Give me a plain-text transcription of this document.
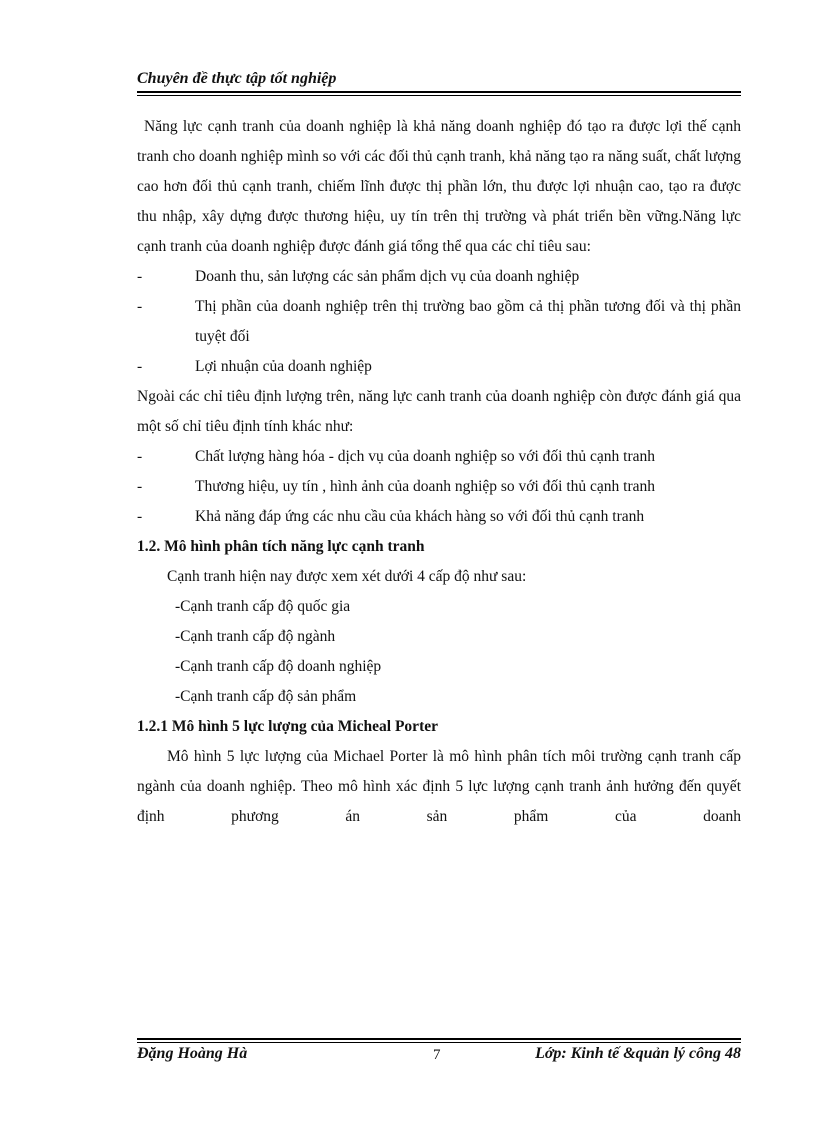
Chuyên đề thực tập tốt nghiệp

Năng lực cạnh tranh của doanh nghiệp là khả năng doanh nghiệp đó tạo ra được lợi thế cạnh tranh cho doanh nghiệp mình so với các đối thủ cạnh tranh, khả năng tạo ra năng suất, chất lượng cao hơn đối thủ cạnh tranh, chiếm lĩnh được thị phần lớn, thu được lợi nhuận cao, tạo ra được thu nhập, xây dựng được thương hiệu, uy tín trên thị trường và phát triển bền vững.Năng lực cạnh tranh của doanh nghiệp được đánh giá tổng thể qua các chỉ tiêu sau:

-	Doanh thu, sản lượng các sản phẩm dịch vụ của doanh nghiệp
-	Thị phần của doanh nghiệp trên thị trường bao gồm cả thị phần tương đối và thị phần tuyệt đối
-	Lợi nhuận của doanh nghiệp

Ngoài các chỉ tiêu định lượng trên, năng lực canh tranh của doanh nghiệp còn được đánh giá qua một số chỉ tiêu định tính khác như:

-	Chất lượng hàng hóa - dịch vụ của doanh nghiệp so với đối thủ cạnh tranh
-	Thương hiệu, uy tín , hình ảnh của doanh nghiệp so với đối thủ cạnh tranh
-	Khả năng đáp ứng các nhu cầu của khách hàng so với đối thủ cạnh tranh

1.2. Mô hình phân tích năng lực cạnh tranh

Cạnh tranh hiện nay được xem xét dưới 4 cấp độ như sau:

-Cạnh tranh cấp độ quốc gia

-Cạnh tranh cấp độ ngành

-Cạnh tranh cấp độ doanh nghiệp

-Cạnh tranh cấp độ sản phẩm

1.2.1 Mô hình 5 lực lượng của Micheal Porter

Mô hình 5 lực lượng của Michael Porter là mô hình phân tích môi trường cạnh tranh cấp ngành của doanh nghiệp. Theo mô hình xác định 5 lực lượng cạnh tranh ảnh hưởng đến quyết định phương án sản phẩm của doanh

Đặng Hoàng Hà	7	Lớp: Kinh tế &quản lý công 48
